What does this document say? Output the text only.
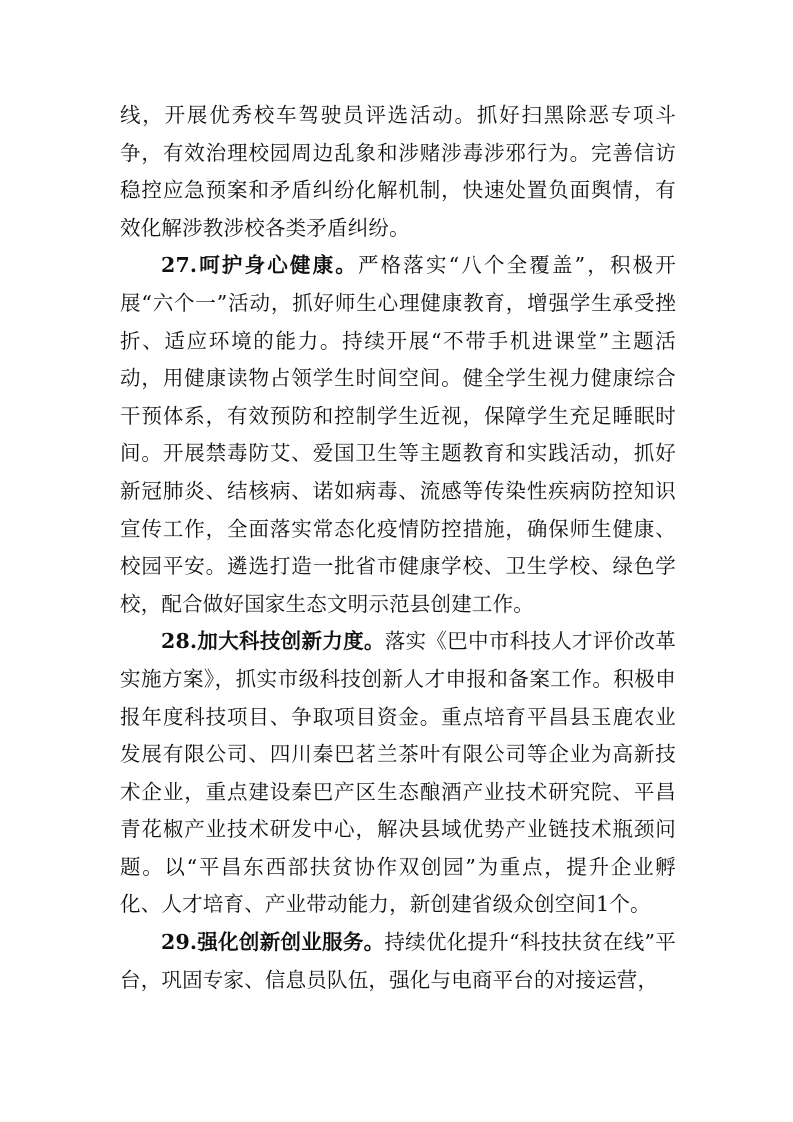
线，开展优秀校车驾驶员评选活动。抓好扫黑除恶专项斗争，有效治理校园周边乱象和涉赌涉毒涉邪行为。完善信访稳控应急预案和矛盾纠纷化解机制，快速处置负面舆情，有效化解涉教涉校各类矛盾纠纷。

27.呵护身心健康。严格落实“八个全覆盖”，积极开展“六个一”活动，抓好师生心理健康教育，增强学生承受挫折、适应环境的能力。持续开展“不带手机进课堂”主题活动，用健康读物占领学生时间空间。健全学生视力健康综合干预体系，有效预防和控制学生近视，保障学生充足睡眠时间。开展禁毒防艾、爱国卫生等主题教育和实践活动，抓好新冠肺炎、结核病、诺如病毒、流感等传染性疾病防控知识宣传工作，全面落实常态化疫情防控措施，确保师生健康、校园平安。遴选打造一批省市健康学校、卫生学校、绿色学校，配合做好国家生态文明示范县创建工作。

28.加大科技创新力度。落实《巴中市科技人才评价改革实施方案》，抓实市级科技创新人才申报和备案工作。积极申报年度科技项目、争取项目资金。重点培育平昌县玉鹿农业发展有限公司、四川秦巴茗兰茶叶有限公司等企业为高新技术企业，重点建设秦巴产区生态酿酒产业技术研究院、平昌青花椒产业技术研发中心，解决县域优势产业链技术瓶颈问题。以“平昌东西部扶贫协作双创园”为重点，提升企业孵化、人才培育、产业带动能力，新创建省级众创空间1个。

29.强化创新创业服务。持续优化提升“科技扶贫在线”平台，巩固专家、信息员队伍，强化与电商平台的对接运营，
